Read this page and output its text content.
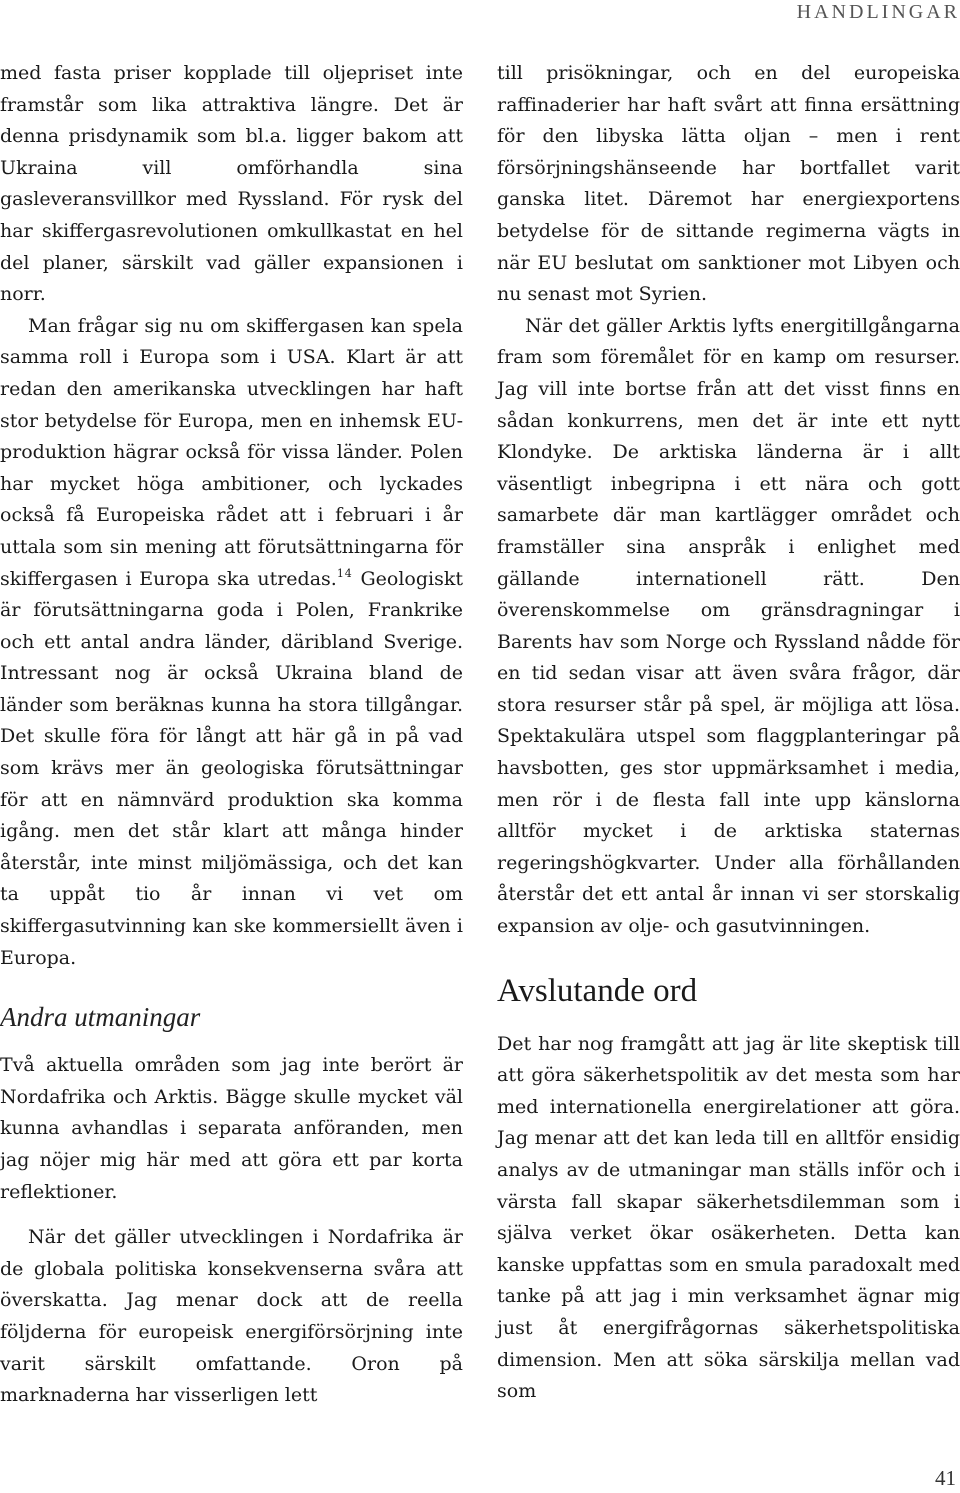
HANDLINGAR

med fasta priser kopplade till oljepriset inte framstår som lika attraktiva längre. Det är denna prisdynamik som bl.a. ligger bakom att Ukraina vill omförhandla sina gasleveransvillkor med Ryssland. För rysk del har skiffergasrevolutionen omkullkastat en hel del planer, särskilt vad gäller expansionen i norr.

Man frågar sig nu om skiffergasen kan spela samma roll i Europa som i USA. Klart är att redan den amerikanska utvecklingen har haft stor betydelse för Europa, men en inhemsk EU-produktion hägrar också för vissa länder. Polen har mycket höga ambitioner, och lyckades också få Europeiska rådet att i februari i år uttala som sin mening att förutsättningarna för skiffergasen i Europa ska utredas.$^{14}$ Geologiskt är förutsättningarna goda i Polen, Frankrike och ett antal andra länder, däribland Sverige. Intressant nog är också Ukraina bland de länder som beräknas kunna ha stora tillgångar. Det skulle föra för långt att här gå in på vad som krävs mer än geologiska förutsättningar för att en nämnvärd produktion ska komma igång. men det står klart att många hinder återstår, inte minst miljömässiga, och det kan ta uppåt tio år innan vi vet om skiffergasutvinning kan ske kommersiellt även i Europa.

Andra utmaningar

Två aktuella områden som jag inte berört är Nordafrika och Arktis. Bägge skulle mycket väl kunna avhandlas i separata anföranden, men jag nöjer mig här med att göra ett par korta reflektioner.

När det gäller utvecklingen i Nordafrika är de globala politiska konsekvenserna svåra att överskatta. Jag menar dock att de reella följderna för europeisk energiförsörjning inte varit särskilt omfattande. Oron på marknaderna har visserligen lett

till prisökningar, och en del europeiska raffinaderier har haft svårt att finna ersättning för den libyska lätta oljan – men i rent försörjningshänseende har bortfallet varit ganska litet. Däremot har energiexportens betydelse för de sittande regimerna vägts in när EU beslutat om sanktioner mot Libyen och nu senast mot Syrien.

När det gäller Arktis lyfts energitillgångarna fram som föremålet för en kamp om resurser. Jag vill inte bortse från att det visst finns en sådan konkurrens, men det är inte ett nytt Klondyke. De arktiska länderna är i allt väsentligt inbegripna i ett nära och gott samarbete där man kartlägger området och framställer sina anspråk i enlighet med gällande internationell rätt. Den överenskommelse om gränsdragningar i Barents hav som Norge och Ryssland nådde för en tid sedan visar att även svåra frågor, där stora resurser står på spel, är möjliga att lösa. Spektakulära utspel som flaggplanteringar på havsbotten, ges stor uppmärksamhet i media, men rör i de flesta fall inte upp känslorna alltför mycket i de arktiska staternas regeringshögkvarter. Under alla förhållanden återstår det ett antal år innan vi ser storskalig expansion av olje- och gasutvinningen.

Avslutande ord

Det har nog framgått att jag är lite skeptisk till att göra säkerhetspolitik av det mesta som har med internationella energirelationer att göra. Jag menar att det kan leda till en alltför ensidig analys av de utmaningar man ställs inför och i värsta fall skapar säkerhetsdilemman som i själva verket ökar osäkerheten. Detta kan kanske uppfattas som en smula paradoxalt med tanke på att jag i min verksamhet ägnar mig just åt energifrågornas säkerhetspolitiska dimension. Men att söka särskilja mellan vad som

41
